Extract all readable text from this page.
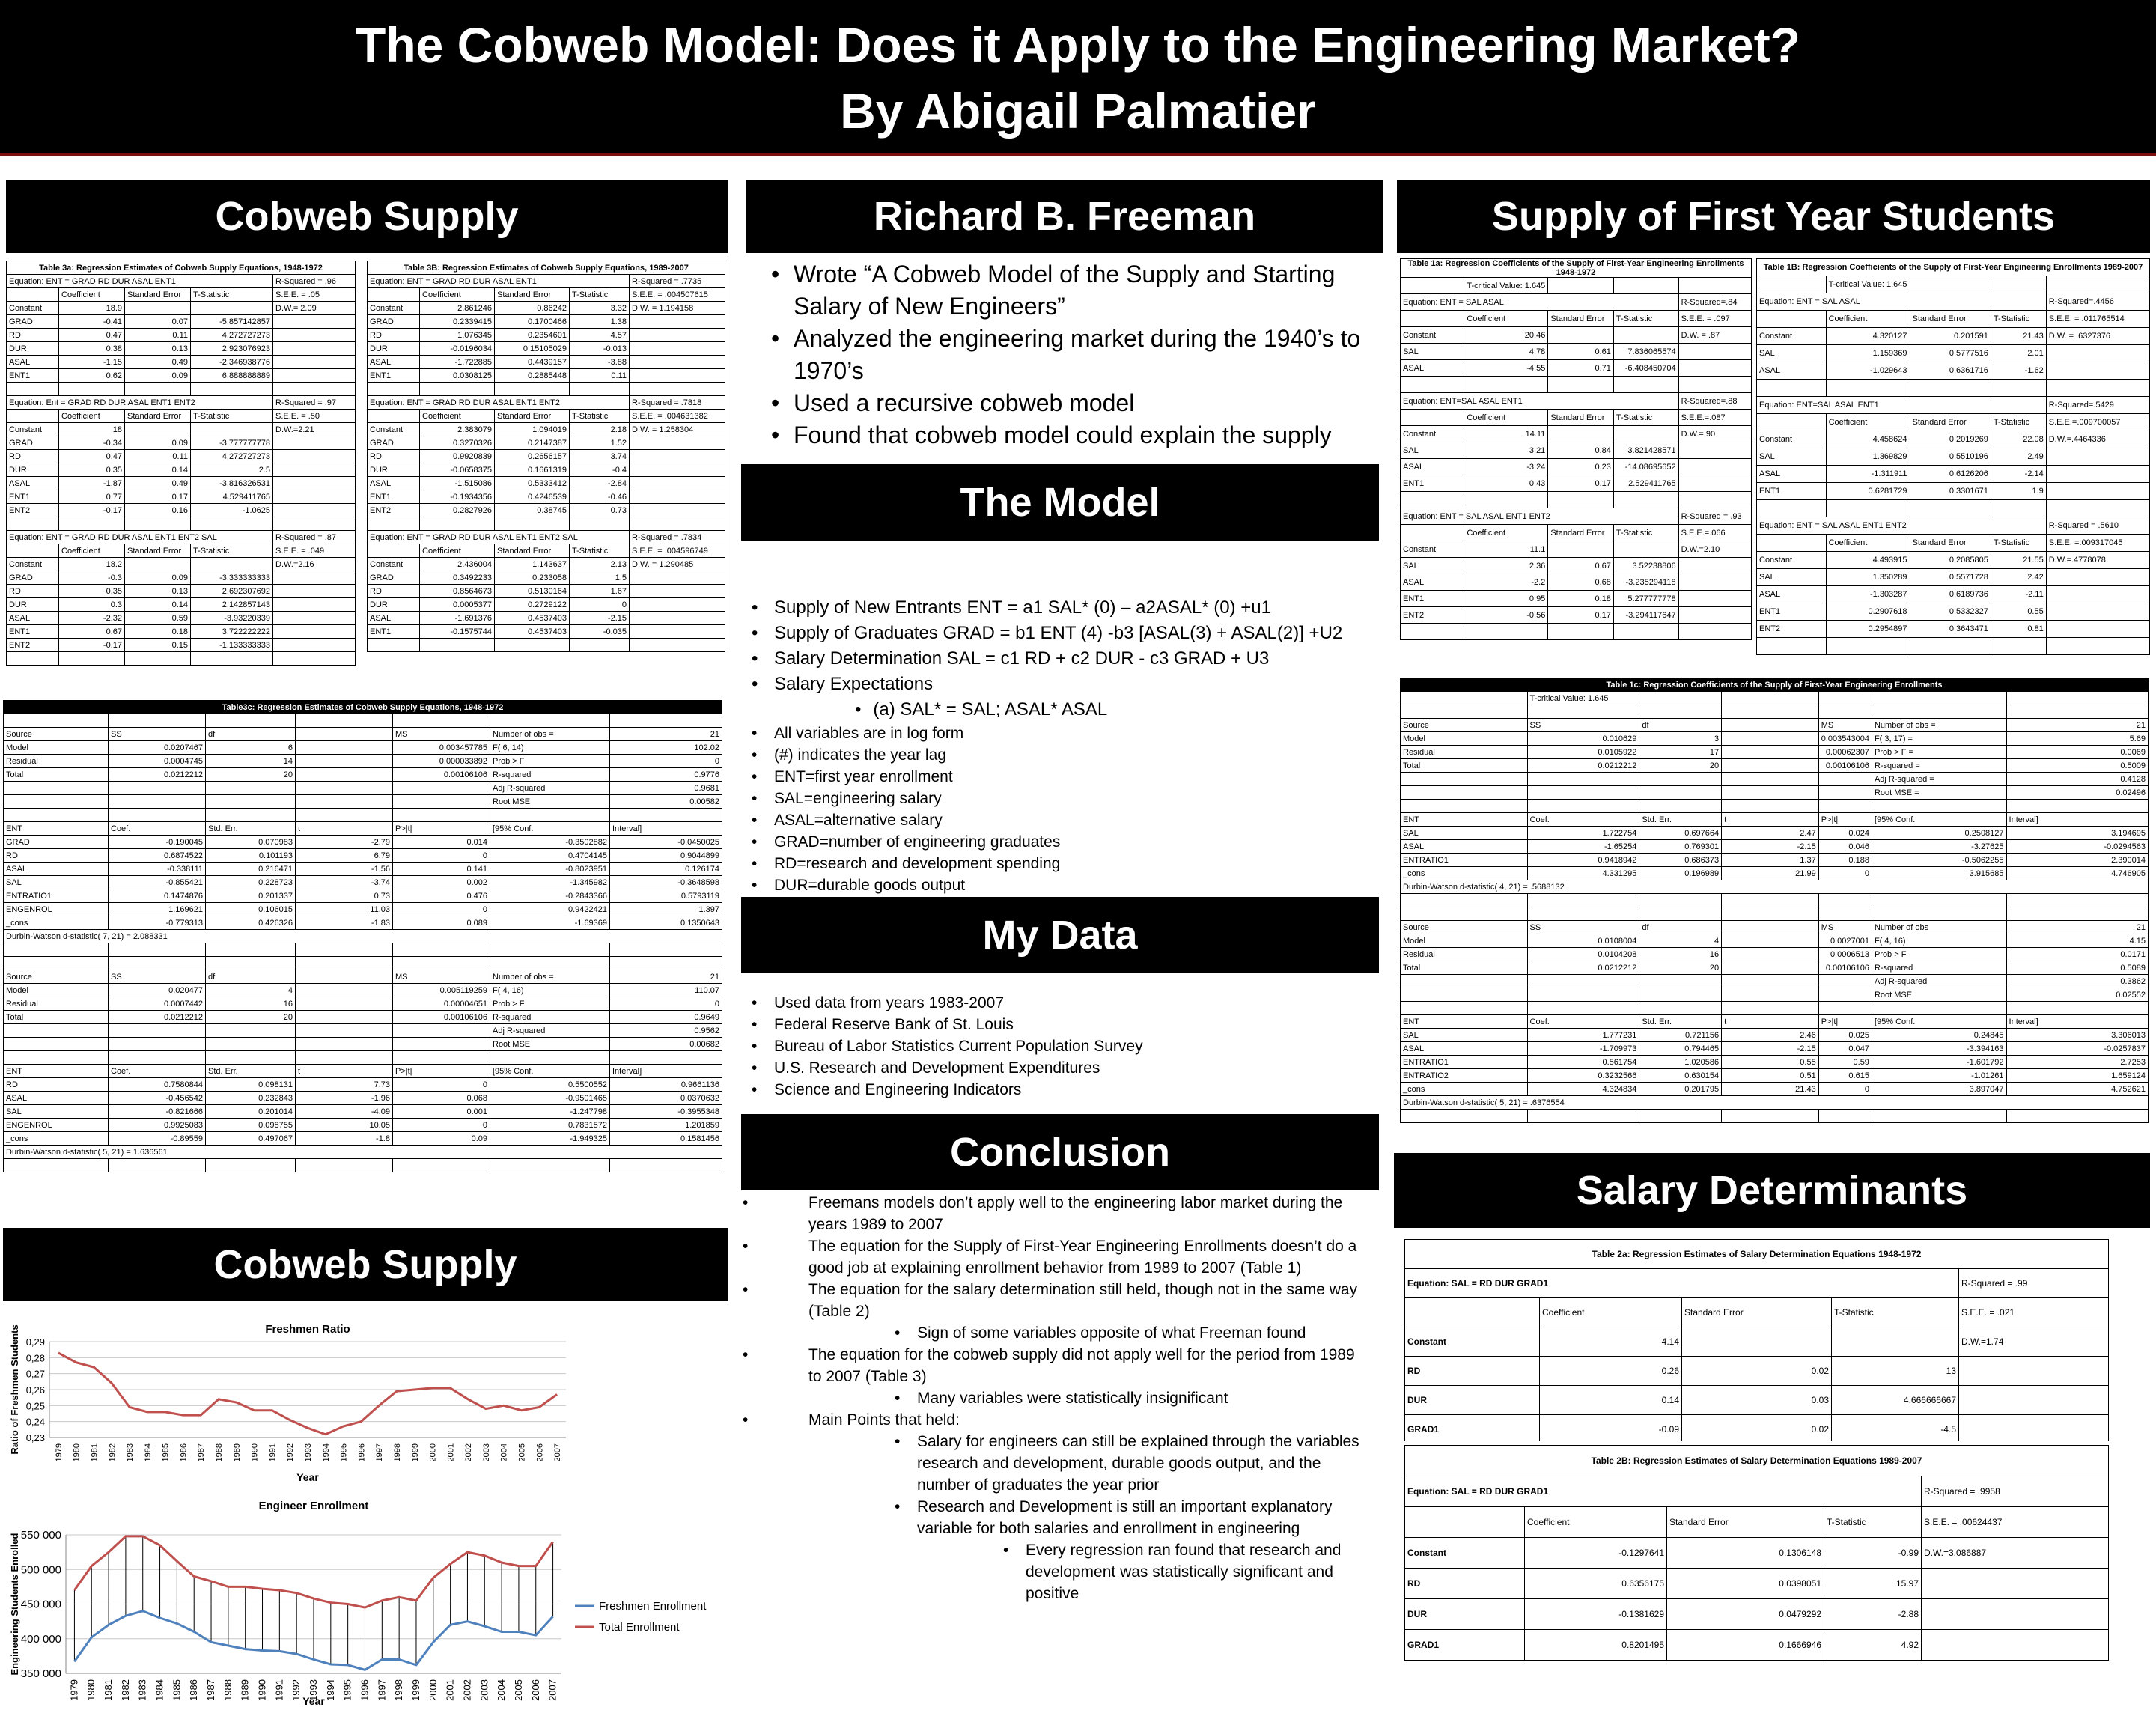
The Cobweb Model: Does it Apply to the Engineering Market?
By Abigail Palmatier
Cobweb Supply	Richard B. Freeman	Supply of First Year Students
The Model
My Data
Conclusion
Salary Determinants
Cobweb Supply
• Wrote “A Cobweb Model of the Supply and Starting Salary of New Engineers”
• Analyzed the engineering market during the 1940’s to 1970’s
• Used a recursive cobweb model
• Found that cobweb model could explain the supply
• Supply of New Entrants ENT = a1 SAL* (0) – a2ASAL* (0) +u1
• Supply of Graduates GRAD = b1 ENT (4) -b3 [ASAL(3) + ASAL(2)] +U2
• Salary Determination SAL = c1 RD + c2 DUR - c3 GRAD + U3
• Salary Expectations
• (a) SAL* = SAL; ASAL* ASAL
• All variables are in log form
• (#) indicates the year lag
• ENT=first year enrollment
• SAL=engineering salary
• ASAL=alternative salary
• GRAD=number of engineering graduates
• RD=research and development spending
• DUR=durable goods output
• Used data from years 1983-2007
• Federal Reserve Bank of St. Louis
• Bureau of Labor Statistics Current Population Survey
• U.S. Research and Development Expenditures
• Science and Engineering Indicators
• Freemans models don’t apply well to the engineering labor market during the years 1989 to 2007
• The equation for the Supply of First-Year Engineering Enrollments doesn’t do a good job at explaining enrollment behavior from 1989 to 2007 (Table 1)
• The equation for the salary determination still held, though not in the same way (Table 2)
• Sign of some variables opposite of what Freeman found
• The equation for the cobweb supply did not apply well for the period from 1989 to 2007 (Table 3)
• Many variables were statistically insignificant
• Main Points that held:
• Salary for engineers can still be explained through the variables research and development, durable goods output, and the number of graduates the year prior
• Research and Development is still an important explanatory variable for both salaries and enrollment in engineering
• Every regression ran found that research and development was statistically significant and positive
Table 3a: Regression Estimates of Cobweb Supply Equations, 1948-1972				
Equation: ENT = GRAD RD DUR ASAL ENT1				R-Squared = .96
	Coefficient	Standard Error	T-Statistic	S.E.E. = .05
Constant	18.9			D.W.= 2.09
GRAD	-0.41	0.07	-5.857142857	
RD	0.47	0.11	4.272727273	
DUR	0.38	0.13	2.923076923	
ASAL	-1.15	0.49	-2.346938776	
ENT1	0.62	0.09	6.888888889	

Equation: Ent = GRAD RD DUR ASAL ENT1 ENT2				R-Squared = .97
	Coefficient	Standard Error	T-Statistic	S.E.E. = .50
Constant	18			D.W.=2.21
GRAD	-0.34	0.09	-3.777777778	
RD	0.47	0.11	4.272727273	
DUR	0.35	0.14	2.5	
ASAL	-1.87	0.49	-3.816326531	
ENT1	0.77	0.17	4.529411765	
ENT2	-0.17	0.16	-1.0625	

Equation: ENT = GRAD RD DUR ASAL ENT1 ENT2 SAL				R-Squared = .87
	Coefficient	Standard Error	T-Statistic	S.E.E. = .049
Constant	18.2			D.W.=2.16
GRAD	-0.3	0.09	-3.333333333	
RD	0.35	0.13	2.692307692	
DUR	0.3	0.14	2.142857143	
ASAL	-2.32	0.59	-3.93220339	
ENT1	0.67	0.18	3.722222222	
ENT2	-0.17	0.15	-1.133333333	

Table 3B: Regression Estimates of Cobweb Supply Equations, 1989-2007				
Equation: ENT = GRAD RD DUR ASAL ENT1				R-Squared = .7735
	Coefficient	Standard Error	T-Statistic	S.E.E. = .004507615
Constant	2.861246	0.86242	3.32	D.W. = 1.194158
GRAD	0.2339415	0.1700466	1.38	
RD	1.076345	0.2354601	4.57	
DUR	-0.0196034	0.15105029	-0.013	
ASAL	-1.722885	0.4439157	-3.88	
ENT1	0.0308125	0.2885448	0.11	

Equation: ENT = GRAD RD DUR ASAL ENT1 ENT2				R-Squared = .7818
	Coefficient	Standard Error	T-Statistic	S.E.E. = .004631382
Constant	2.383079	1.094019	2.18	D.W. = 1.258304
GRAD	0.3270326	0.2147387	1.52	
RD	0.9920839	0.2656157	3.74	
DUR	-0.0658375	0.1661319	-0.4	
ASAL	-1.515086	0.5333412	-2.84	
ENT1	-0.1934356	0.4246539	-0.46	
ENT2	0.2827926	0.38745	0.73	

Equation: ENT = GRAD RD DUR ASAL ENT1 ENT2 SAL				R-Squared = .7834
	Coefficient	Standard Error	T-Statistic	S.E.E. = .004596749
Constant	2.436004	1.143637	2.13	D.W. = 1.290485
GRAD	0.3492233	0.233058	1.5	
RD	0.8564673	0.5130164	1.67	
DUR	0.0005377	0.2729122	0	
ASAL	-1.691376	0.4537403	-2.15	
ENT1	-0.1575744	0.4537403	-0.035	

Table3c: Regression Estimates of Cobweb Supply Equations, 1948-1972						

Source	SS	df		MS	Number of obs =	21
Model	0.0207467	6		0.003457785	F( 6, 14)	102.02
Residual	0.0004745	14		0.000033892	Prob > F	0
Total	0.0212212	20		0.00106106	R-squared	0.9776
					Adj R-squared	0.9681
					Root MSE	0.00582

ENT	Coef.	Std. Err.	t	P>|t|	[95% Conf.	Interval]
GRAD	-0.190045	0.070983	-2.79	0.014	-0.3502882	-0.0450025
RD	0.6874522	0.101193	6.79	0	0.4704145	0.9044899
ASAL	-0.338111	0.216471	-1.56	0.141	-0.8023951	0.126174
SAL	-0.855421	0.228723	-3.74	0.002	-1.345982	-0.3648598
ENTRATIO1	0.1474876	0.201337	0.73	0.476	-0.2843366	0.5793119
ENGENROL	1.169621	0.106015	11.03	0	0.9422421	1.397
_cons	-0.779313	0.426326	-1.83	0.089	-1.69369	0.1350643
Durbin-Watson d-statistic( 7, 21) = 2.088331						

Source	SS	df		MS	Number of obs =	21
Model	0.020477	4		0.005119259	F( 4, 16)	110.07
Residual	0.0007442	16		0.00004651	Prob > F	0
Total	0.0212212	20		0.00106106	R-squared	0.9649
					Adj R-squared	0.9562
					Root MSE	0.00682

ENT	Coef.	Std. Err.	t	P>|t|	[95% Conf.	Interval]
RD	0.7580844	0.098131	7.73	0	0.5500552	0.9661136
ASAL	-0.456542	0.232843	-1.96	0.068	-0.9501465	0.0370632
SAL	-0.821666	0.201014	-4.09	0.001	-1.247798	-0.3955348
ENGENROL	0.9925083	0.098755	10.05	0	0.7831572	1.201859
_cons	-0.89559	0.497067	-1.8	0.09	-1.949325	0.1581456
Durbin-Watson d-statistic( 5, 21) = 1.636561						

Table 1a: Regression Coefficients of the Supply of First-Year Engineering Enrollments 1948-1972				
	T-critical Value: 1.645			
Equation: ENT = SAL ASAL				R-Squared=.84
	Coefficient	Standard Error	T-Statistic	S.E.E. = .097
Constant	20.46			D.W. = .87
SAL	4.78	0.61	7.836065574	
ASAL	-4.55	0.71	-6.408450704	

Equation: ENT=SAL ASAL ENT1				R-Squared=.88
	Coefficient	Standard Error	T-Statistic	S.E.E.=.087
Constant	14.11			D.W.=.90
SAL	3.21	0.84	3.821428571	
ASAL	-3.24	0.23	-14.08695652	
ENT1	0.43	0.17	2.529411765	

Equation: ENT = SAL ASAL ENT1 ENT2				R-Squared = .93
	Coefficient	Standard Error	T-Statistic	S.E.E.=.066
Constant	11.1			D.W.=2.10
SAL	2.36	0.67	3.52238806	
ASAL	-2.2	0.68	-3.235294118	
ENT1	0.95	0.18	5.277777778	
ENT2	-0.56	0.17	-3.294117647	

Table 1B: Regression Coefficients of the Supply of First-Year Engineering Enrollments 1989-2007				
	T-critical Value: 1.645			
Equation: ENT = SAL ASAL				R-Squared=.4456
	Coefficient	Standard Error	T-Statistic	S.E.E. = .011765514
Constant	4.320127	0.201591	21.43	D.W. = .6327376
SAL	1.159369	0.5777516	2.01	
ASAL	-1.029643	0.6361716	-1.62	

Equation: ENT=SAL ASAL ENT1				R-Squared=.5429
	Coefficient	Standard Error	T-Statistic	S.E.E.=.009700057
Constant	4.458624	0.2019269	22.08	D.W.=.4464336
SAL	1.369829	0.5510196	2.49	
ASAL	-1.311911	0.6126206	-2.14	
ENT1	0.6281729	0.3301671	1.9	

Equation: ENT = SAL ASAL ENT1 ENT2				R-Squared = .5610
	Coefficient	Standard Error	T-Statistic	S.E.E. =.009317045
Constant	4.493915	0.2085805	21.55	D.W.=.4778078
SAL	1.350289	0.5571728	2.42	
ASAL	-1.303287	0.6189736	-2.11	
ENT1	0.2907618	0.5332327	0.55	
ENT2	0.2954897	0.3643471	0.81	

Table 1c: Regression Coefficients of the Supply of First-Year Engineering Enrollments						
	T-critical Value: 1.645					

Source	SS	df		MS	Number of obs =	21
Model	0.010629	3		0.003543004	F( 3, 17) =	5.69
Residual	0.0105922	17		0.00062307	Prob > F =	0.0069
Total	0.0212212	20		0.00106106	R-squared =	0.5009
					Adj R-squared =	0.4128
					Root MSE =	0.02496

ENT	Coef.	Std. Err.	t	P>|t|	[95% Conf.	Interval]
SAL	1.722754	0.697664	2.47	0.024	0.2508127	3.194695
ASAL	-1.65254	0.769301	-2.15	0.046	-3.27625	-0.0294563
ENTRATIO1	0.9418942	0.686373	1.37	0.188	-0.5062255	2.390014
_cons	4.331295	0.196989	21.99	0	3.915685	4.746905
Durbin-Watson d-statistic( 4, 21) = .5688132						

Source	SS	df		MS	Number of obs	21
Model	0.0108004	4		0.0027001	F( 4, 16)	4.15
Residual	0.0104208	16		0.0006513	Prob > F	0.0171
Total	0.0212212	20		0.00106106	R-squared	0.5089
					Adj R-squared	0.3862
					Root MSE	0.02552

ENT	Coef.	Std. Err.	t	P>|t|	[95% Conf.	Interval]
SAL	1.777231	0.721156	2.46	0.025	0.24845	3.306013
ASAL	-1.709973	0.794465	-2.15	0.047	-3.394163	-0.0257837
ENTRATIO1	0.561754	1.020586	0.55	0.59	-1.601792	2.7253
ENTRATIO2	0.3232566	0.630154	0.51	0.615	-1.01261	1.659124
_cons	4.324834	0.201795	21.43	0	3.897047	4.752621
Durbin-Watson d-statistic( 5, 21) = .6376554						

Table 2a: Regression Estimates of Salary Determination Equations 1948-1972				
Equation: SAL = RD DUR GRAD1				R-Squared = .99
	Coefficient	Standard Error	T-Statistic	S.E.E. = .021
Constant	4.14			D.W.=1.74
RD	0.26	0.02	13	
DUR	0.14	0.03	4.666666667	
GRAD1	-0.09	0.02	-4.5	
Table 2B: Regression Estimates of Salary Determination Equations 1989-2007				
Equation: SAL = RD DUR GRAD1				R-Squared = .9958
	Coefficient	Standard Error	T-Statistic	S.E.E. = .00624437
Constant	-0.1297641	0.1306148	-0.99	D.W.=3.086887
RD	0.6356175	0.0398051	15.97	
DUR	-0.1381629	0.0479292	-2.88	
GRAD1	0.8201495	0.1666946	4.92	
Freshmen Ratio
0,23
0,24
0,25
0,26
0,27
0,28
0,29
1979 1980 1981 1982 1983 1984 1985 1986 1987 1988 1989 1990 1991 1992 1993 1994 1995 1996 1997 1998 1999 2000 2001 2002 2003 2004 2005 2006 2007
Year
Ratio of Freshmen Students
Engineer Enrollment
350 000
400 000
450 000
500 000
550 000
1979 1980 1981 1982 1983 1984 1985 1986 1987 1988 1989 1990 1991 1992 1993 1994 1995 1996 1997 1998 1999 2000 2001 2002 2003 2004 2005 2006 2007
Year
Engineering Students Enrolled	Freshmen Enrollment
Total Enrollment
